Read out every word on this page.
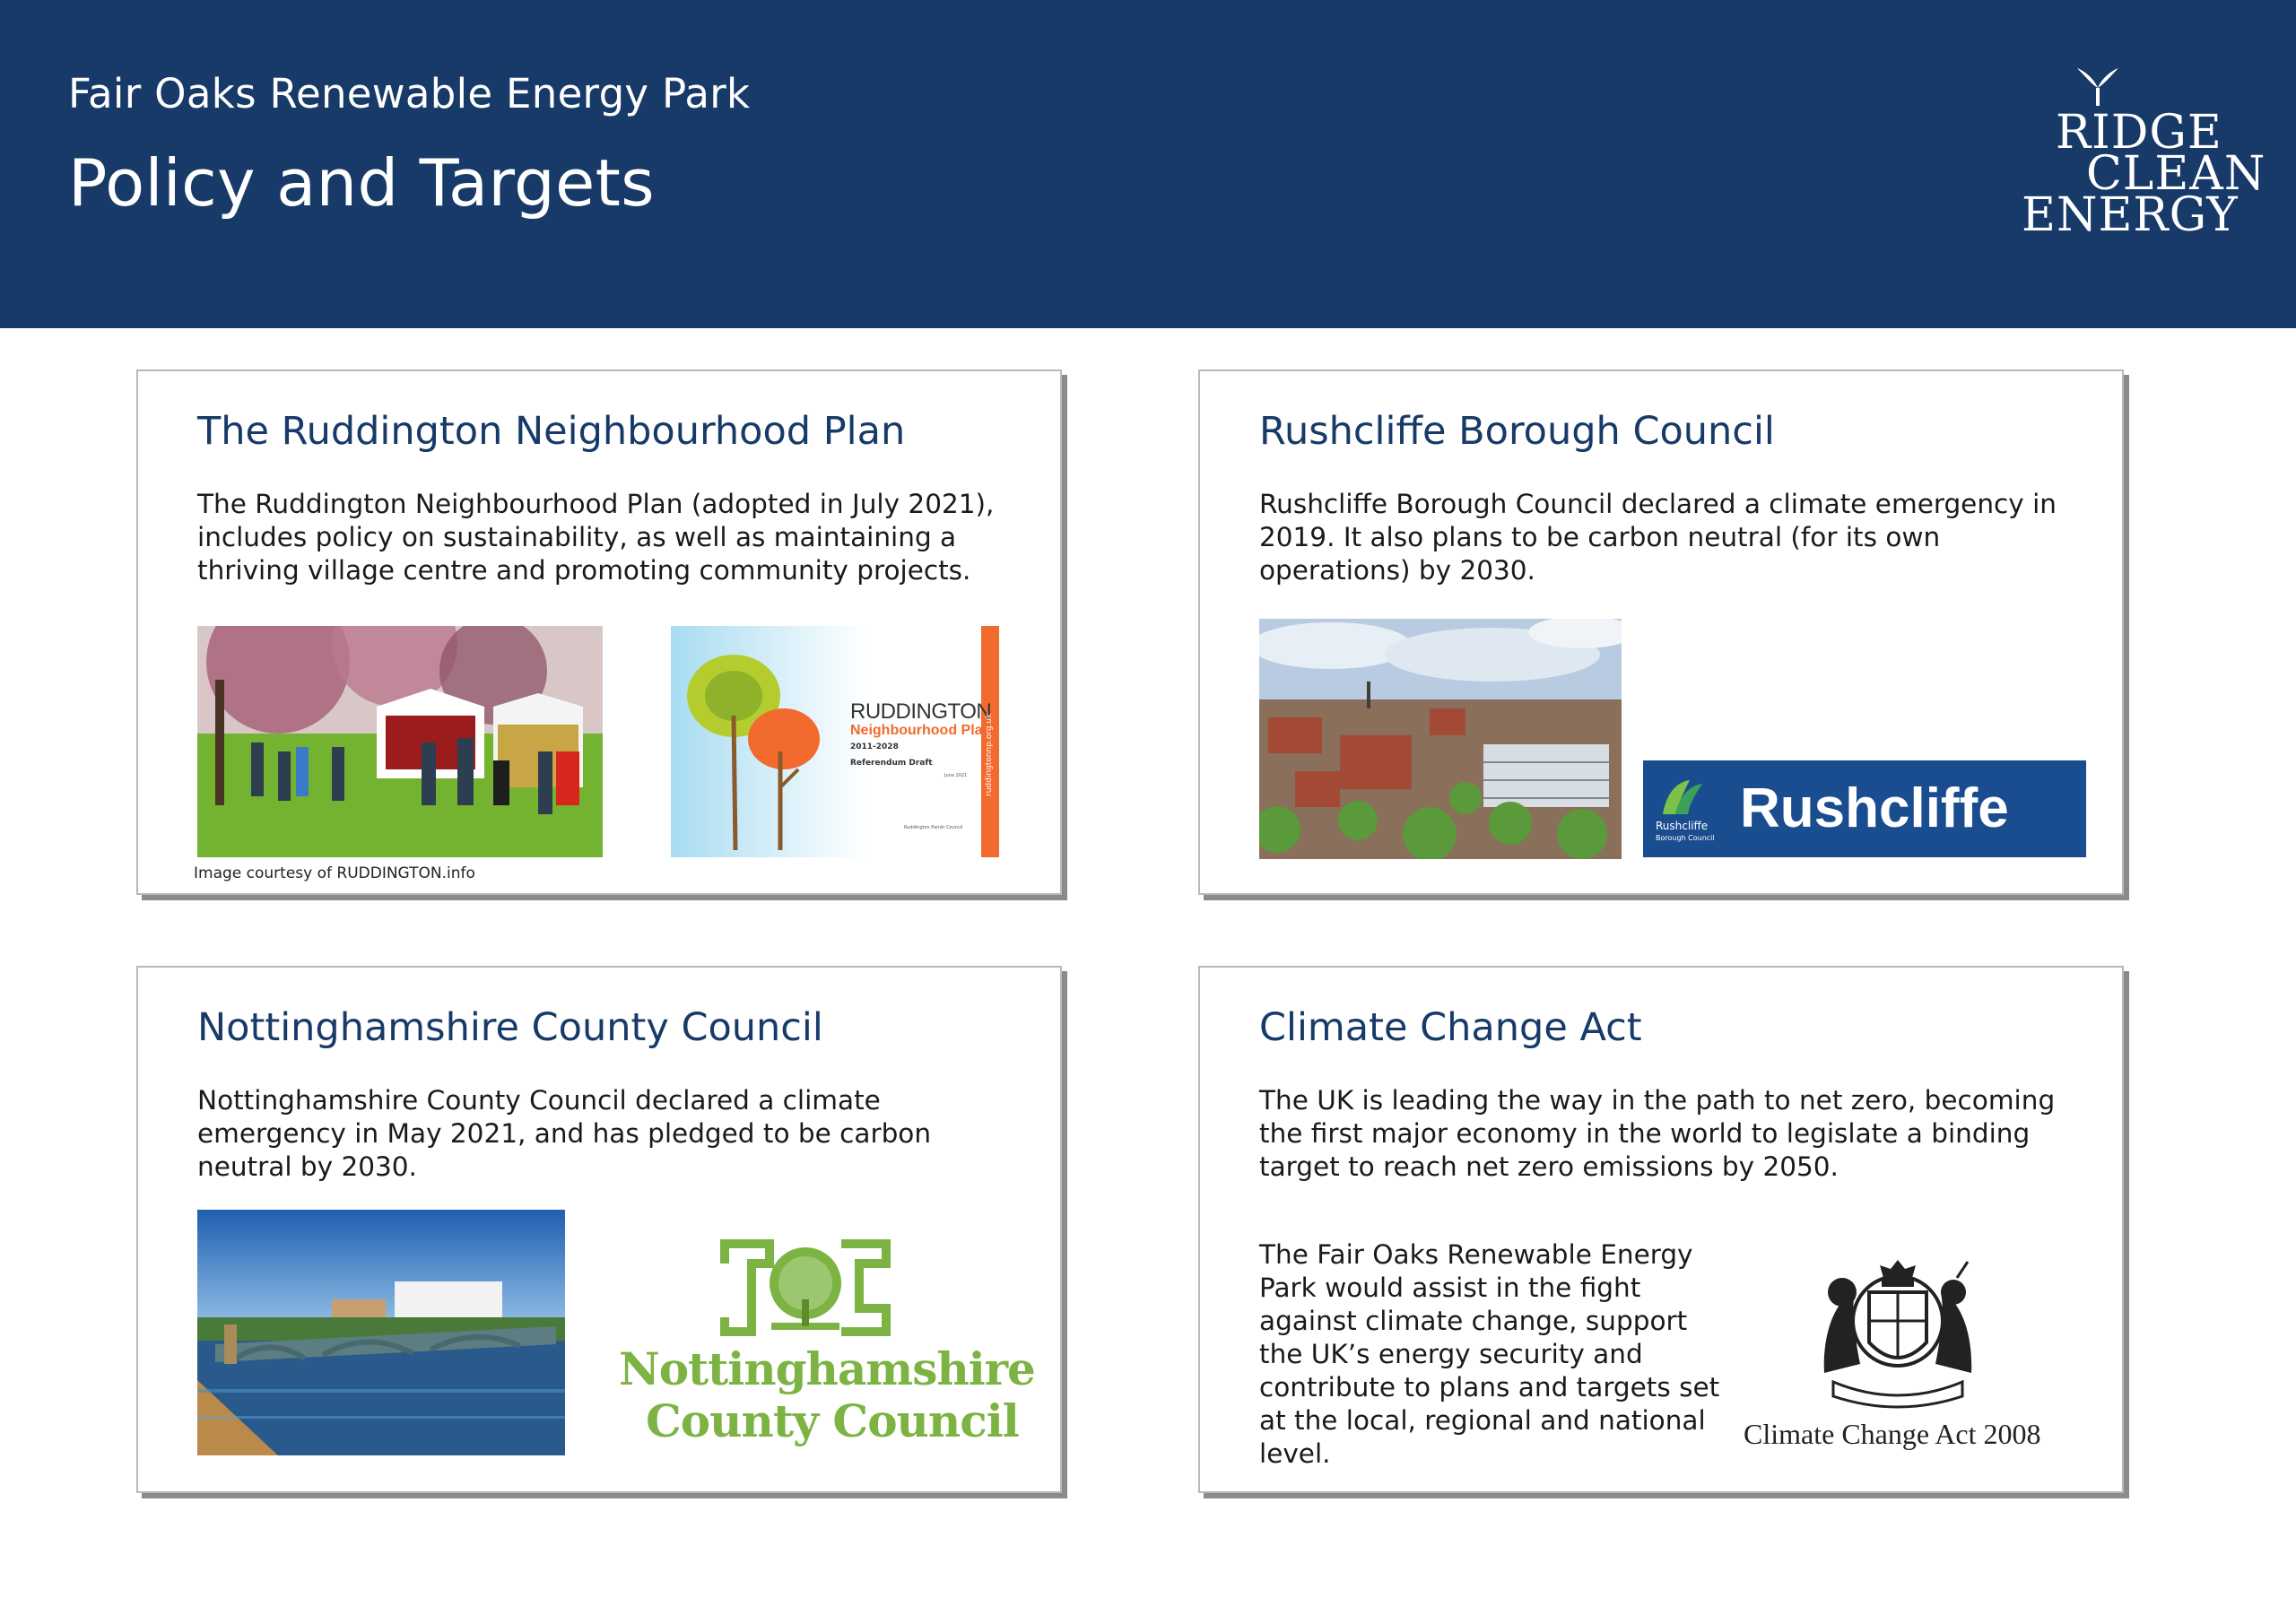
Fair Oaks Renewable Energy Park
Policy and Targets
RIDGE
CLEAN
ENERGY
The Ruddington Neighbourhood Plan

The Ruddington Neighbourhood Plan (adopted in July 2021), includes policy on sustainability, as well as maintaining a thriving village centre and promoting community projects.

RUDDINGTON
Neighbourhood Plan
2011-2028
Referendum Draft
June 2021
Ruddington Parish Council
ruddingtonnp.org.uk
Image courtesy of RUDDINGTON.info
Rushcliffe Borough Council

Rushcliffe Borough Council declared a climate emergency in 2019. It also plans to be carbon neutral (for its own operations) by 2030.

Rushcliffe
Borough Council Rushcliffe
Nottinghamshire County Council

Nottinghamshire County Council declared a climate emergency in May 2021, and has pledged to be carbon neutral by 2030.

Nottinghamshire
County Council
Climate Change Act

The UK is leading the way in the path to net zero, becoming the first major economy in the world to legislate a binding target to reach net zero emissions by 2050.

The Fair Oaks Renewable Energy Park would assist in the fight against climate change, support the UK’s energy security and contribute to plans and targets set at the local, regional and national level.

Climate Change Act 2008
